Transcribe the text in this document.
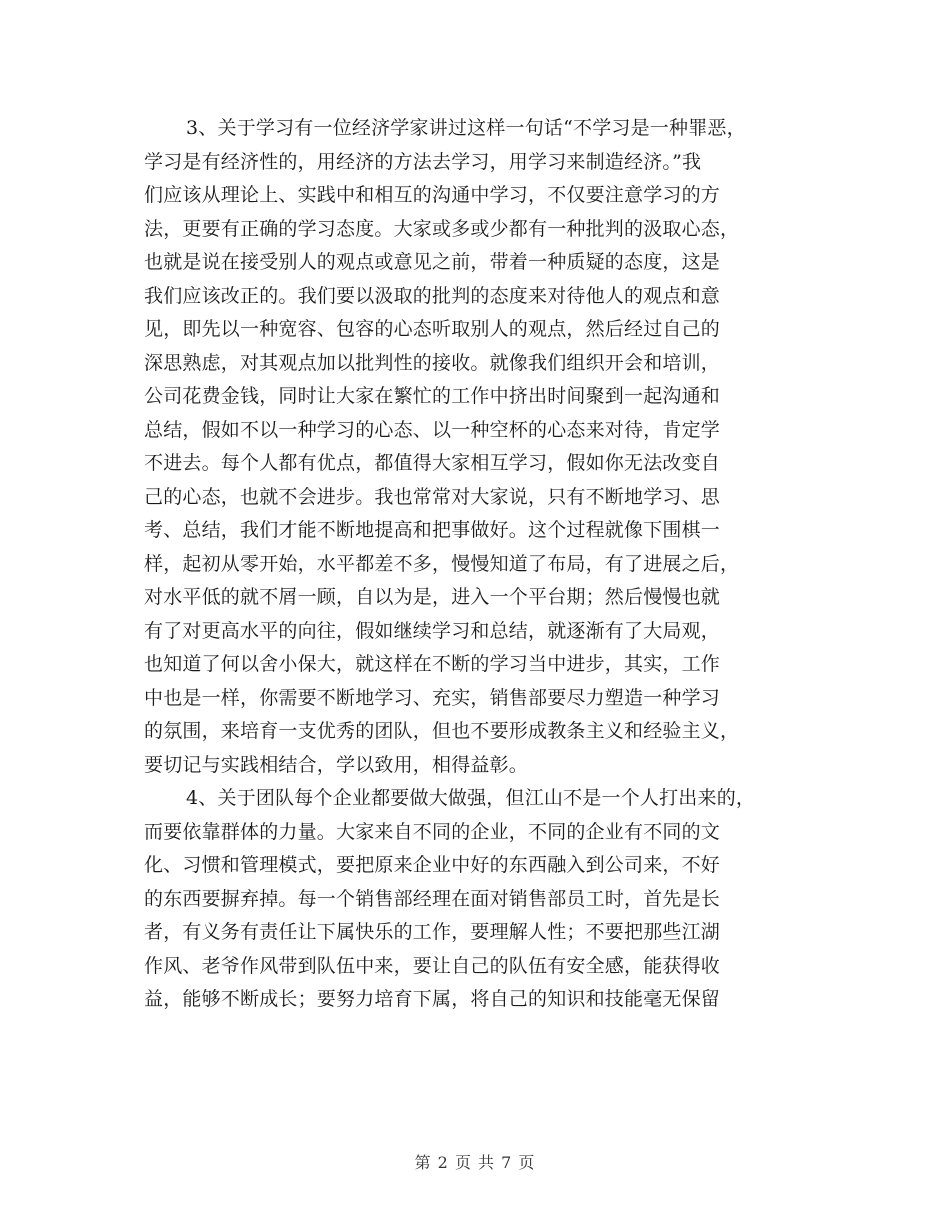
3、关于学习有一位经济学家讲过这样一句话“不学习是一种罪恶，
学习是有经济性的，用经济的方法去学习，用学习来制造经济。”我
们应该从理论上、实践中和相互的沟通中学习，不仅要注意学习的方
法，更要有正确的学习态度。大家或多或少都有一种批判的汲取心态，
也就是说在接受别人的观点或意见之前，带着一种质疑的态度，这是
我们应该改正的。我们要以汲取的批判的态度来对待他人的观点和意
见，即先以一种宽容、包容的心态听取别人的观点，然后经过自己的
深思熟虑，对其观点加以批判性的接收。就像我们组织开会和培训，
公司花费金钱，同时让大家在繁忙的工作中挤出时间聚到一起沟通和
总结，假如不以一种学习的心态、以一种空杯的心态来对待，肯定学
不进去。每个人都有优点，都值得大家相互学习，假如你无法改变自
己的心态，也就不会进步。我也常常对大家说，只有不断地学习、思
考、总结，我们才能不断地提高和把事做好。这个过程就像下围棋一
样，起初从零开始，水平都差不多，慢慢知道了布局，有了进展之后，
对水平低的就不屑一顾，自以为是，进入一个平台期；然后慢慢也就
有了对更高水平的向往，假如继续学习和总结，就逐渐有了大局观，
也知道了何以舍小保大，就这样在不断的学习当中进步，其实，工作
中也是一样，你需要不断地学习、充实，销售部要尽力塑造一种学习
的氛围，来培育一支优秀的团队，但也不要形成教条主义和经验主义，
要切记与实践相结合，学以致用，相得益彰。
4、关于团队每个企业都要做大做强，但江山不是一个人打出来的，
而要依靠群体的力量。大家来自不同的企业，不同的企业有不同的文
化、习惯和管理模式，要把原来企业中好的东西融入到公司来，不好
的东西要摒弃掉。每一个销售部经理在面对销售部员工时，首先是长
者，有义务有责任让下属快乐的工作，要理解人性；不要把那些江湖
作风、老爷作风带到队伍中来，要让自己的队伍有安全感，能获得收
益，能够不断成长；要努力培育下属，将自己的知识和技能毫无保留
第 2 页 共 7 页
